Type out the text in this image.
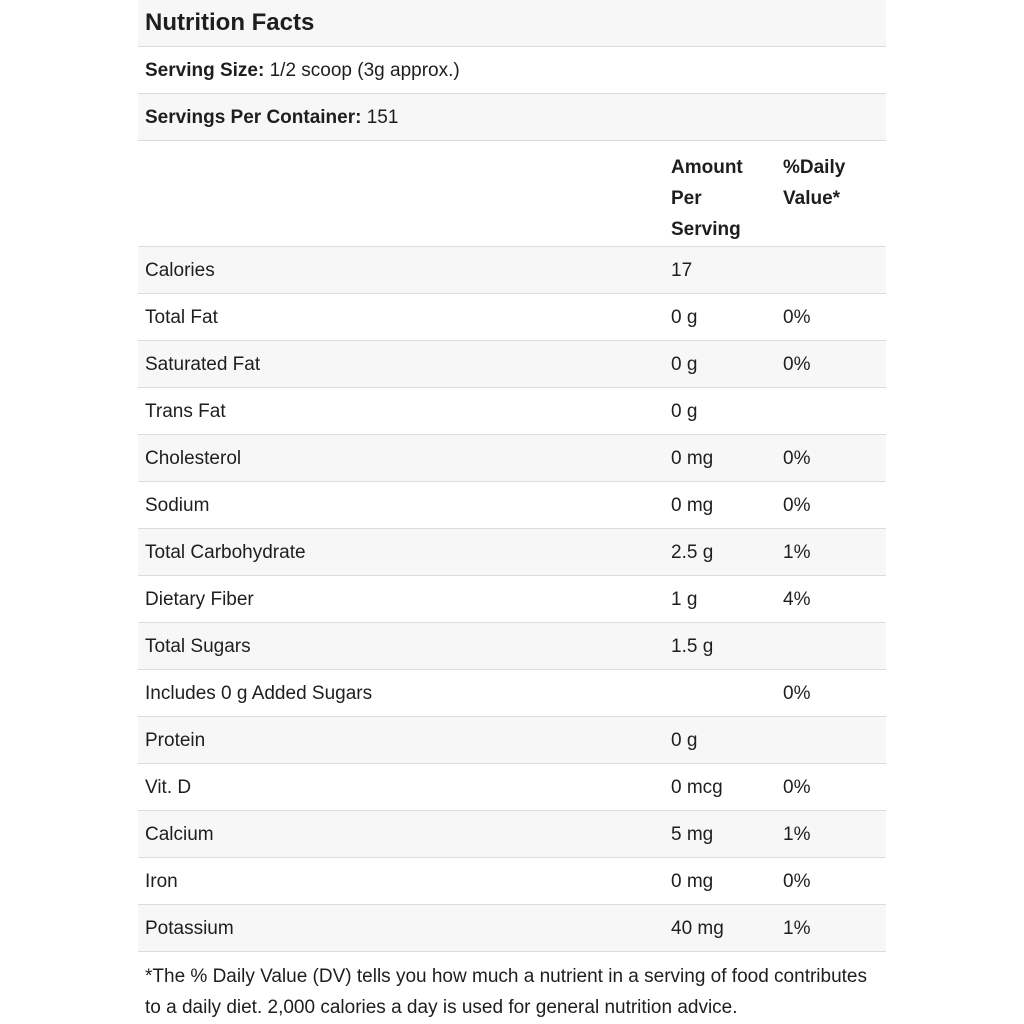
Nutrition Facts		
Serving Size: 1/2 scoop (3g approx.)		
Servings Per Container: 151		
	Amount Per Serving	%Daily Value*
Calories	17	
Total Fat	0 g	0%
Saturated Fat	0 g	0%
Trans Fat	0 g	
Cholesterol	0 mg	0%
Sodium	0 mg	0%
Total Carbohydrate	2.5 g	1%
Dietary Fiber	1 g	4%
Total Sugars	1.5 g	
Includes 0 g Added Sugars		0%
Protein	0 g	
Vit. D	0 mcg	0%
Calcium	5 mg	1%
Iron	0 mg	0%
Potassium	40 mg	1%

*The % Daily Value (DV) tells you how much a nutrient in a serving of food contributes to a daily diet. 2,000 calories a day is used for general nutrition advice.
